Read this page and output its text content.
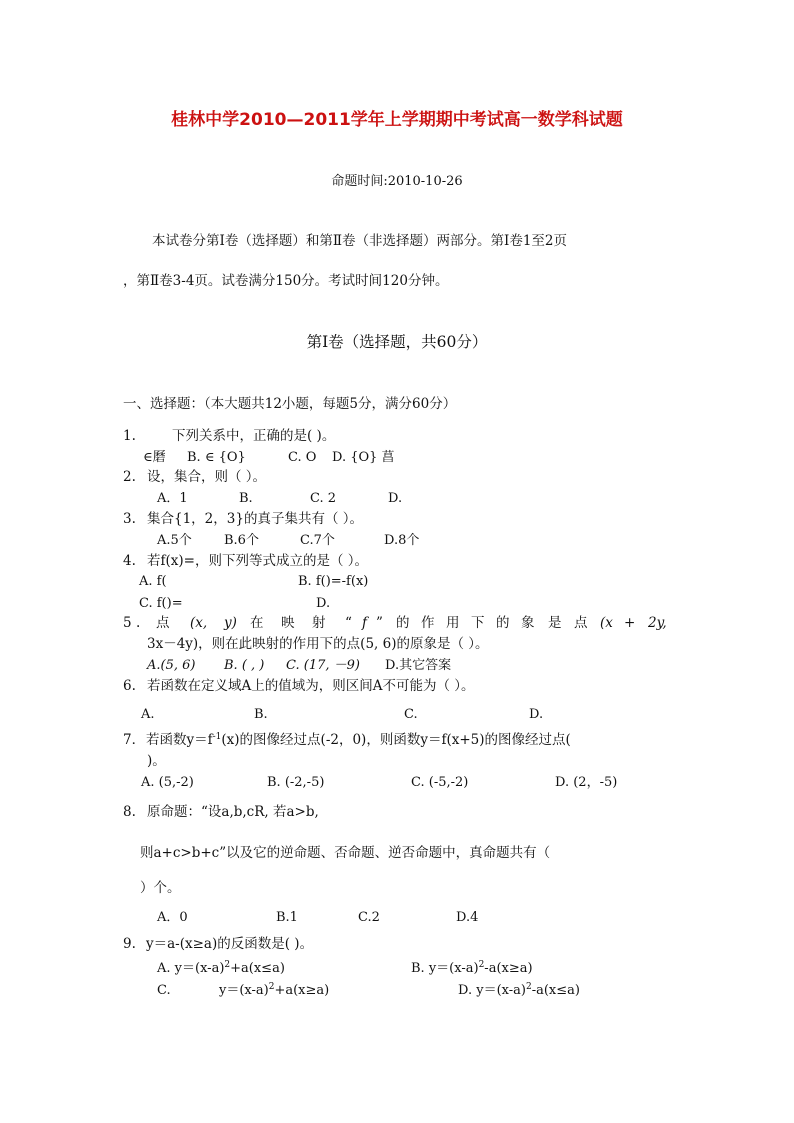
桂林中学2010—2011学年上学期期中考试高一数学科试题
命题时间:2010-10-26
本试卷分第Ⅰ卷（选择题）和第Ⅱ卷（非选择题）两部分。第Ⅰ卷1至2页
，第Ⅱ卷3-4页。试卷满分150分。考试时间120分钟。
第Ⅰ卷（选择题，共60分）
一、选择题：（本大题共12小题，每题5分，满分60分）
1.	下列关系中，正确的是( )。
∈磿 B. ∈ {O}	C. O D. {O} 菖
2. 设，集合，则（ ）。
A．1	B.	C. 2	D.
3. 集合{1，2，3}的真子集共有（ ）。
A.5个 B.6个	C.7个	D.8个
4. 若f(x)=，则下列等式成立的是（ ）。
A. f(	B. f()=-f(x)
C. f()=	D.
5 . 点 (x, y) 在 映 射 “ f ” 的 作 用 下 的 象 是 点 (x + 2y,
3x－4y)，则在此映射的作用下的点(5, 6)的原象是（ ）。
A.(5, 6) B. ( , ) C. (17, －9) D.其它答案
6. 若函数在定义域A上的值域为，则区间A不可能为（ ）。
A.	B.	C.	D.
7． 若函数$y=f^{-1}(x)$的图像经过点(-2，0)，则函数y＝f(x+5)的图像经过点(
)。
A. (5,-2)	B. (-2,-5)	C. (-5,-2)	D. (2，-5)
8. 原命题：“设a,b,cR, 若a>b,
则a+c>b+c”以及它的逆命题、否命题、逆否命题中，真命题共有（
）个。
A．0	B.1	C.2	D.4
9. y＝a-(x≥a)的反函数是( )。
A. $y=(x-a)^2+a(x\le a)$	B. $y=(x-a)^2-a(x\ge a)$
C.	$y=(x-a)^2+a(x\ge a)$	D. $y=(x-a)^2-a(x\le a)$
